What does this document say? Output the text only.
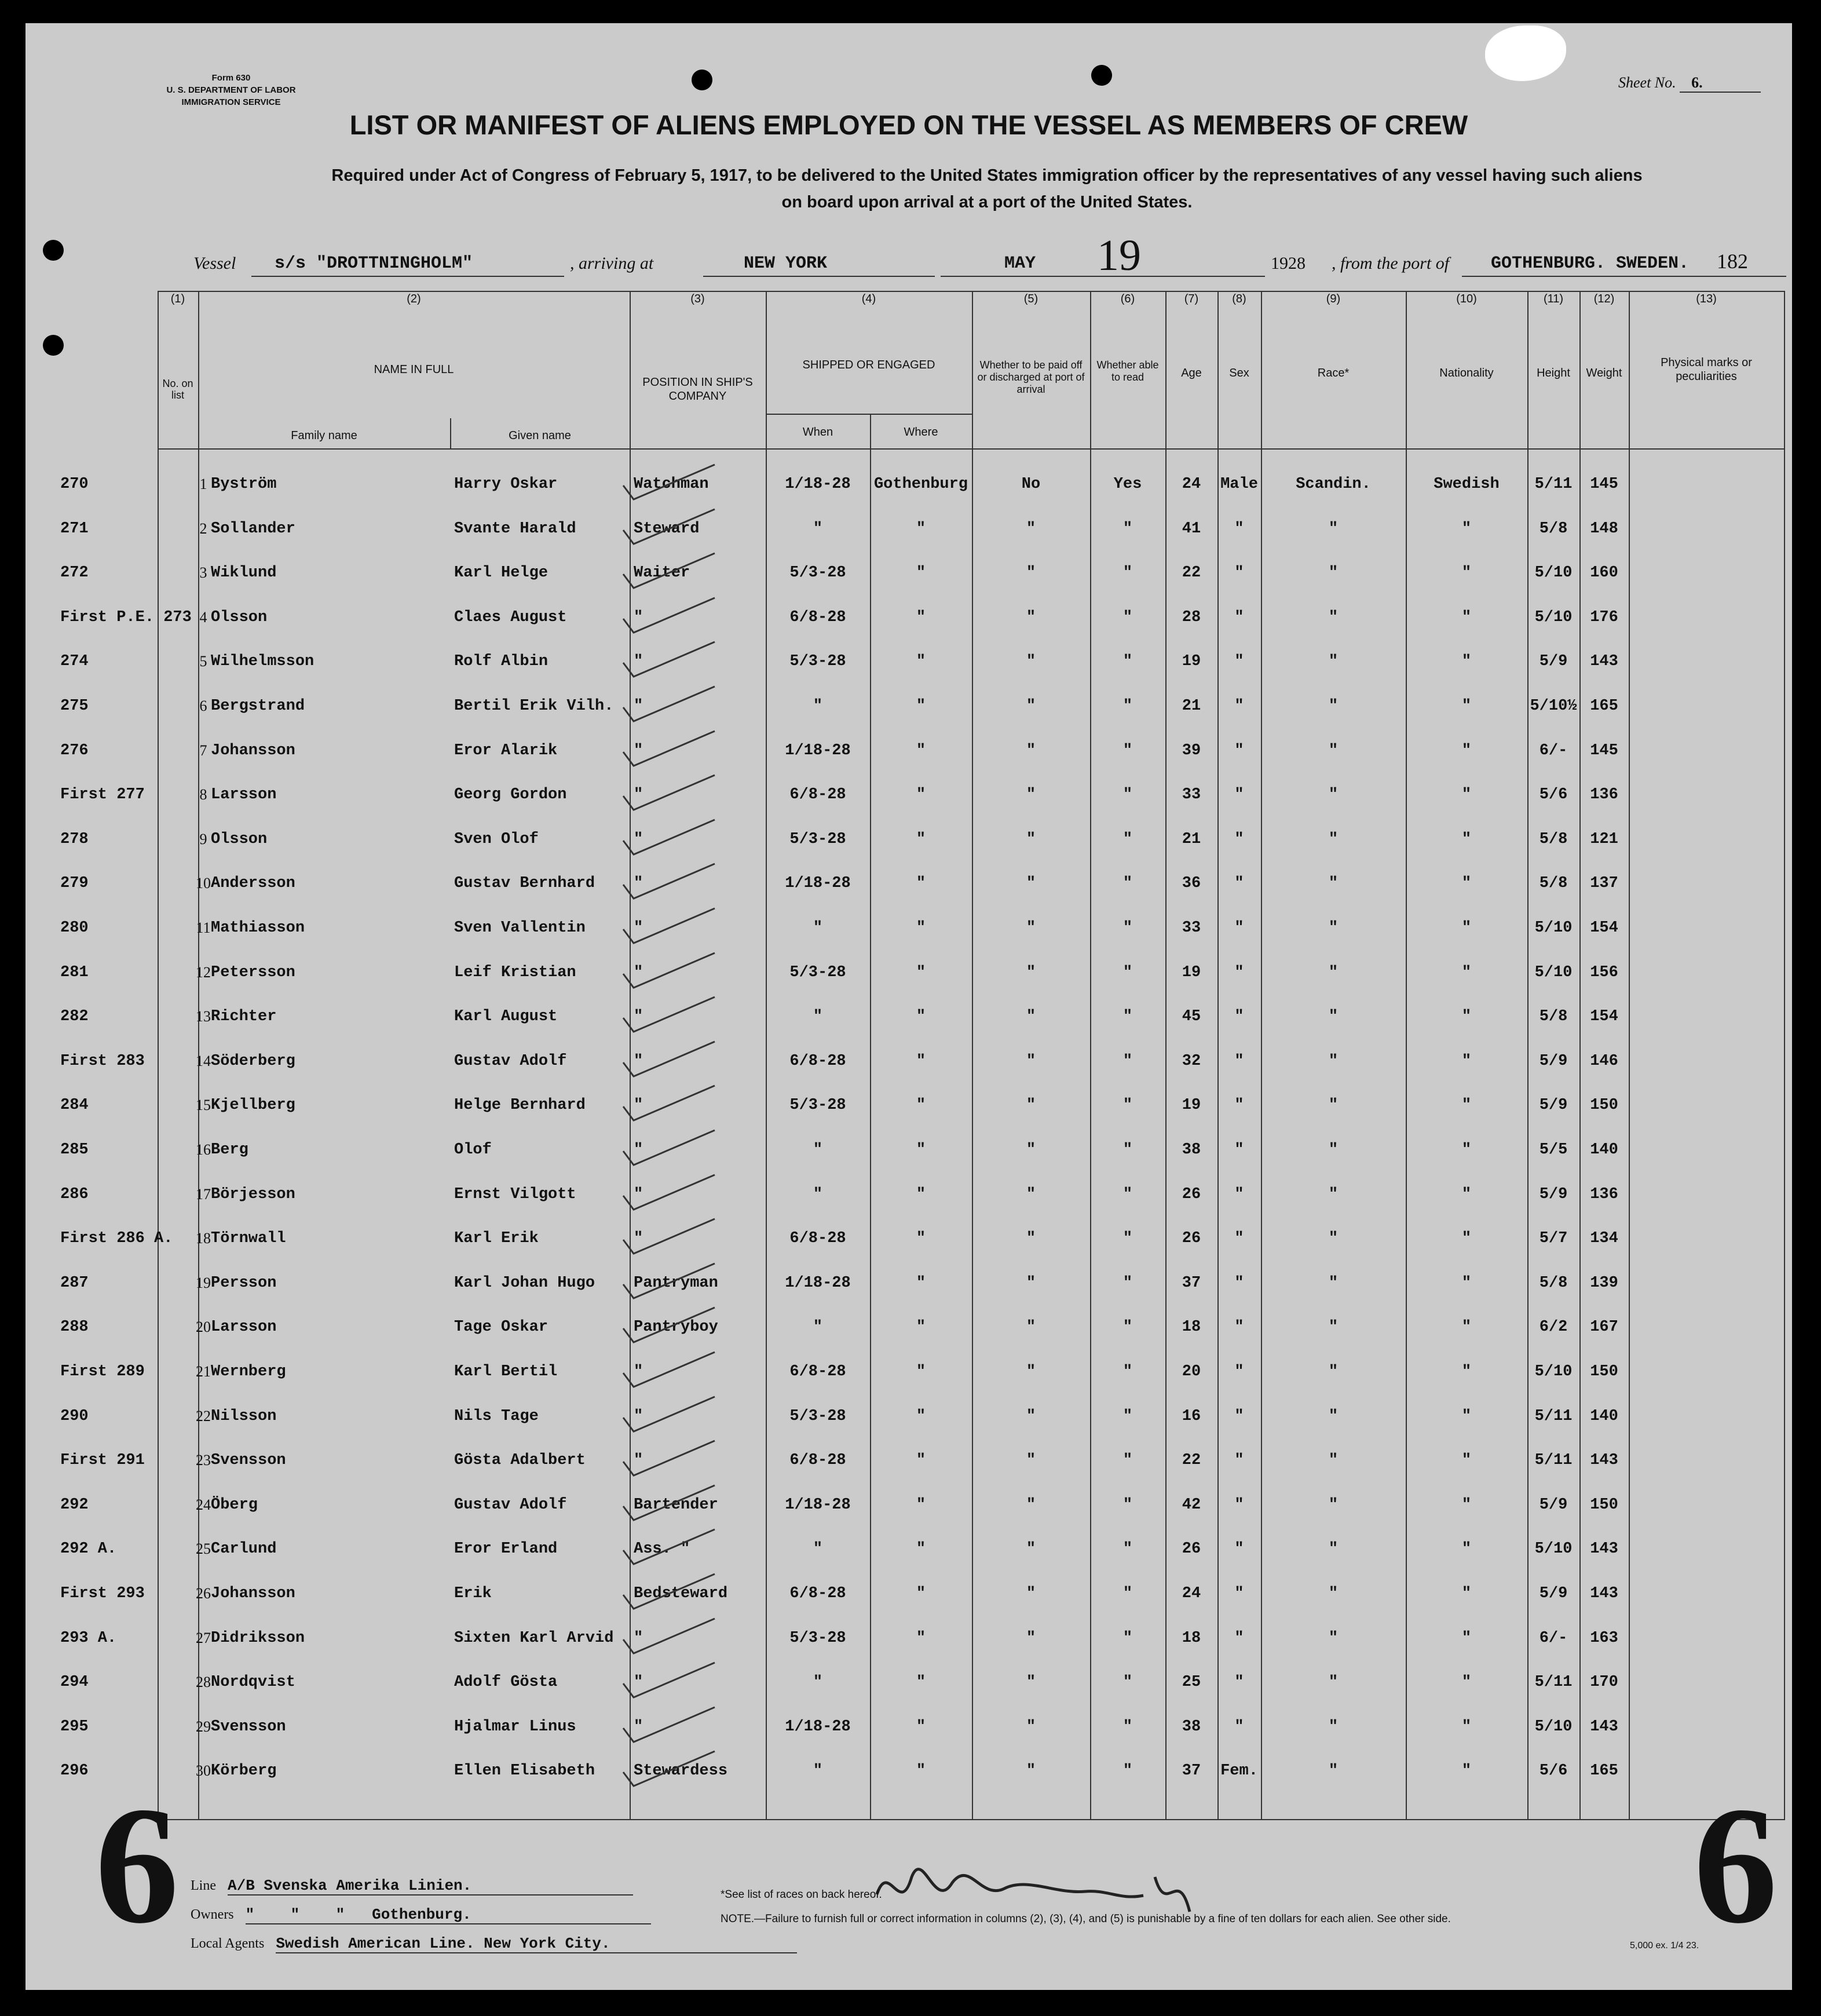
Form 630
U. S. DEPARTMENT OF LABOR
IMMIGRATION SERVICE
Sheet No. 6.
LIST OR MANIFEST OF ALIENS EMPLOYED ON THE VESSEL AS MEMBERS OF CREW
Required under Act of Congress of February 5, 1917, to be delivered to the United States immigration officer by the representatives of any vessel having such aliens
on board upon arrival at a port of the United States.
Vessel s/s "DROTTNINGHOLM"	, arriving at	NEW YORK	MAY 19	1928 , from the port of GOTHENBURG. SWEDEN. 182
(1)
No. on list
(2)
NAME IN FULL
Family name	Given name
(3)
POSITION IN SHIP'S COMPANY
(4)
SHIPPED OR ENGAGED
When	Where
(5)
Whether to be paid off or discharged at port of arrival
(6)
Whether able to read
(7)
Age
(8)
Sex
(9)
Race*
(10)
Nationality
(11)
Height
(12)
Weight
(13)
Physical marks or peculiarities
270	1 Byström	Harry Oskar	Watchman	1/18-28	Gothenburg	No	Yes	24	Male	Scandin.	Swedish	5/11	145
271	2 Sollander	Svante Harald	Steward	"	"	"	"	41	"	"	"	5/8	148
272	3 Wiklund	Karl Helge	Waiter	5/3-28	"	"	"	22	"	"	"	5/10	160
First P.E. 273 4 Olsson	Claes August	"	6/8-28	"	"	"	28	"	"	"	5/10	176
274	5 Wilhelmsson	Rolf Albin	"	5/3-28	"	"	"	19	"	"	"	5/9	143
275	6 Bergstrand	Bertil Erik Vilh.	"	"	"	"	"	21	"	"	"	5/10½ 165
276	7 Johansson	Eror Alarik	"	1/18-28	"	"	"	39	"	"	"	6/-	145
First 277	8 Larsson	Georg Gordon	"	6/8-28	"	"	"	33	"	"	"	5/6	136
278	9 Olsson	Sven Olof	"	5/3-28	"	"	"	21	"	"	"	5/8	121
279	10 Andersson	Gustav Bernhard	"	1/18-28	"	"	"	36	"	"	"	5/8	137
280	11 Mathiasson	Sven Vallentin	"	"	"	"	"	33	"	"	"	5/10	154
281	12 Petersson	Leif Kristian	"	5/3-28	"	"	"	19	"	"	"	5/10	156
282	13 Richter	Karl August	"	"	"	"	"	45	"	"	"	5/8	154
First 283	14 Söderberg	Gustav Adolf	"	6/8-28	"	"	"	32	"	"	"	5/9	146
284	15 Kjellberg	Helge Bernhard	"	5/3-28	"	"	"	19	"	"	"	5/9	150
285	16 Berg	Olof	"	"	"	"	"	38	"	"	"	5/5	140
286	17 Börjesson	Ernst Vilgott	"	"	"	"	"	26	"	"	"	5/9	136
First 286 A.	18 Törnwall	Karl Erik	"	6/8-28	"	"	"	26	"	"	"	5/7	134
287	19 Persson	Karl Johan Hugo	Pantryman	1/18-28	"	"	"	37	"	"	"	5/8	139
288	20 Larsson	Tage Oskar	Pantryboy	"	"	"	"	18	"	"	"	6/2	167
First 289	21 Wernberg	Karl Bertil	"	6/8-28	"	"	"	20	"	"	"	5/10	150
290	22 Nilsson	Nils Tage	"	5/3-28	"	"	"	16	"	"	"	5/11	140
First 291	23 Svensson	Gösta Adalbert	"	6/8-28	"	"	"	22	"	"	"	5/11	143
292	24 Öberg	Gustav Adolf	Bartender	1/18-28	"	"	"	42	"	"	"	5/9	150
292 A.	25 Carlund	Eror Erland	Ass. "	"	"	"	"	26	"	"	"	5/10	143
First 293	26 Johansson	Erik	Bedsteward	6/8-28	"	"	"	24	"	"	"	5/9	143
293 A.	27 Didriksson	Sixten Karl Arvid	"	5/3-28	"	"	"	18	"	"	"	6/-	163
294	28 Nordqvist	Adolf Gösta	"	"	"	"	"	25	"	"	"	5/11	170
295	29 Svensson	Hjalmar Linus	"	1/18-28	"	"	"	38	"	"	"	5/10	143
296	30 Körberg	Ellen Elisabeth	Stewardess	"	"	"	"	37	Fem.	"	"	5/6	165
6	6
Line A/B Svenska Amerika Linien.
Owners "    "    "   Gothenburg.
Local Agents Swedish American Line. New York City.
*See list of races on back hereof.
NOTE.—Failure to furnish full or correct information in columns (2), (3), (4), and (5) is punishable by a fine of ten dollars for each alien. See other side.
5,000 ex. 1/4 23.
